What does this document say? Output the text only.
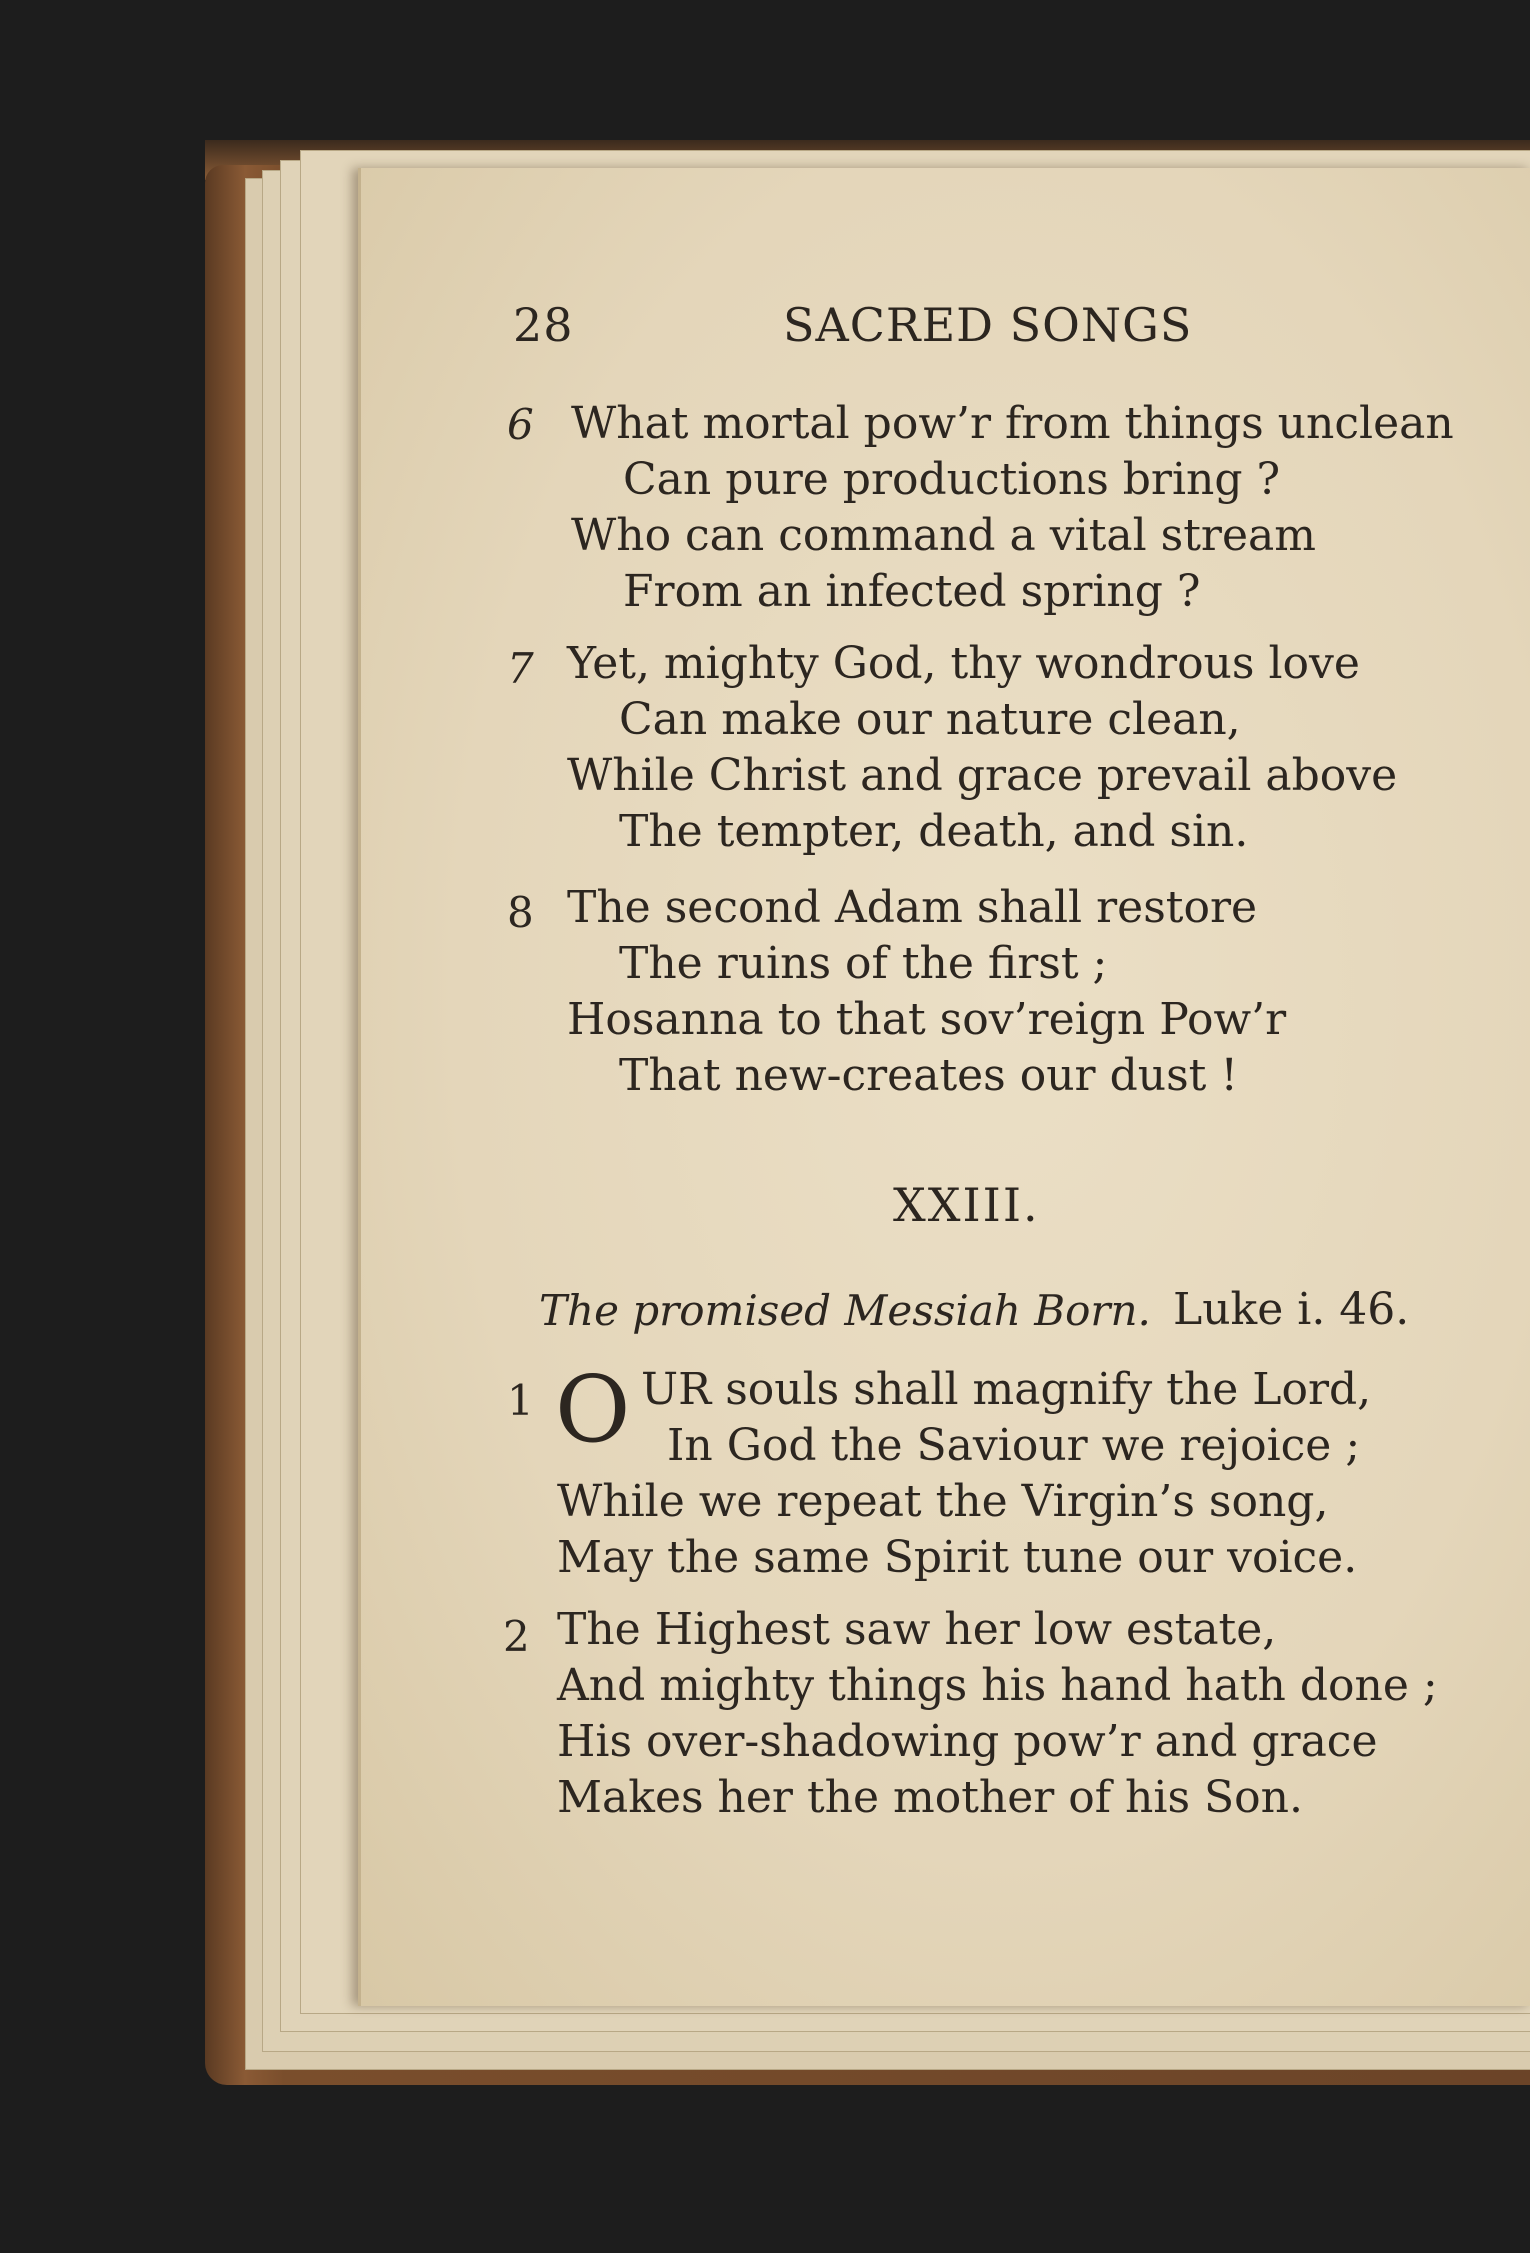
28	SACRED SONGS
6 What mortal pow’r from things unclean
Can pure productions bring ?
Who can command a vital stream
From an infected spring ?
7 Yet, mighty God, thy wondrous love
Can make our nature clean,
While Christ and grace prevail above
The tempter, death, and sin.
8 The second Adam shall restore
The ruins of the first ;
Hosanna to that sov’reign Pow’r
That new-creates our dust !
XXIII.
The promised Messiah Born. Luke i. 46.
1 O UR souls shall magnify the Lord,
In God the Saviour we rejoice ;
While we repeat the Virgin’s song,
May the same Spirit tune our voice.
2 The Highest saw her low estate,
And mighty things his hand hath done ;
His over-shadowing pow’r and grace
Makes her the mother of his Son.
